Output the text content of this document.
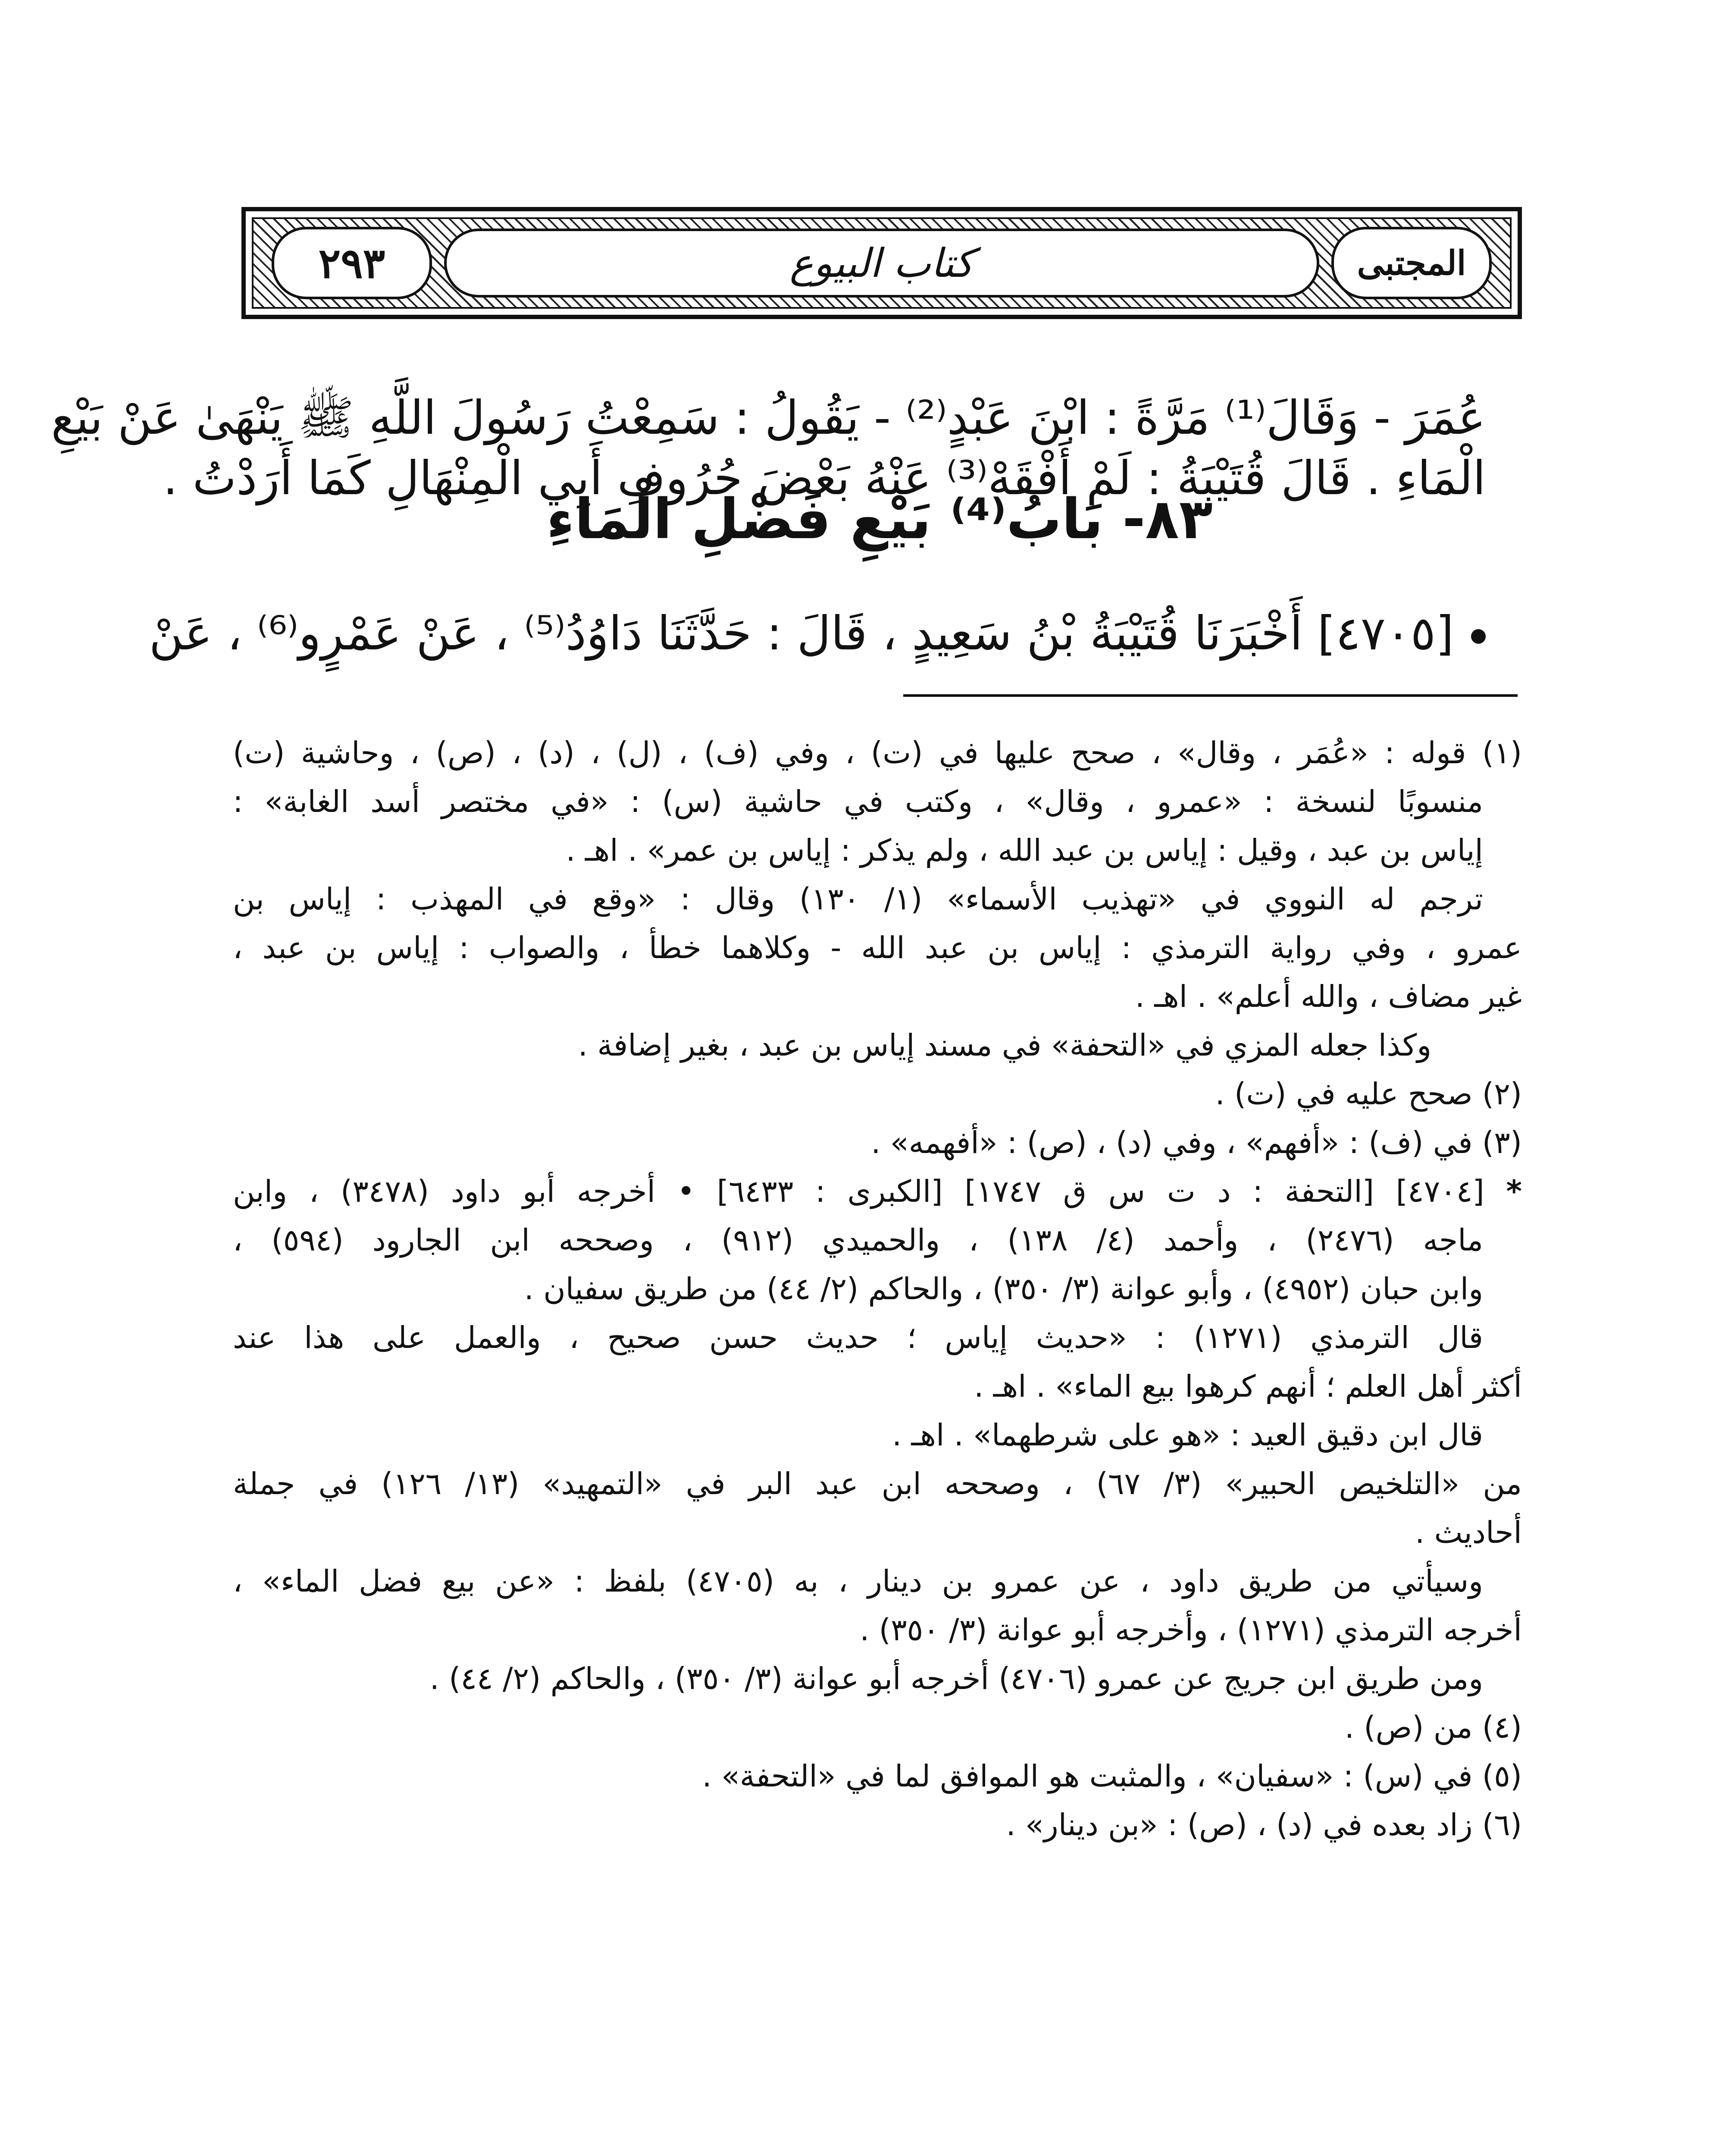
المجتبى
كتاب البيوع
٢٩٣
عُمَرَ - وَقَالَ⁽¹⁾ مَرَّةً : ابْنَ عَبْدٍ⁽²⁾ - يَقُولُ : سَمِعْتُ رَسُولَ اللَّهِ ﷺ يَنْهَىٰ عَنْ بَيْعِ
الْمَاءِ . قَالَ قُتَيْبَةُ : لَمْ أَفْقَهْ⁽³⁾ عَنْهُ بَعْضَ حُرُوفِ أَبِي الْمِنْهَالِ كَمَا أَرَدْتُ .
٨٣- بَابُ⁽⁴⁾ بَيْعِ فَضْلِ الْمَاءِ
[٤٧٠٥] أَخْبَرَنَا قُتَيْبَةُ بْنُ سَعِيدٍ ، قَالَ : حَدَّثَنَا دَاوُدُ⁽⁵⁾ ، عَنْ عَمْرٍو⁽⁶⁾ ، عَنْ
(١) قوله : «عُمَر ، وقال» ، صحح عليها في (ت) ، وفي (ف) ، (ل) ، (د) ، (ص) ، وحاشية (ت)
منسوبًا لنسخة : «عمرو ، وقال» ، وكتب في حاشية (س) : «في مختصر أسد الغابة» :
إياس بن عبد ، وقيل : إياس بن عبد الله ، ولم يذكر : إياس بن عمر» . اهـ .
ترجم له النووي في «تهذيب الأسماء» (١/ ١٣٠) وقال : «وقع في المهذب : إياس بن
عمرو ، وفي رواية الترمذي : إياس بن عبد الله - وكلاهما خطأ ، والصواب : إياس بن عبد ،
غير مضاف ، والله أعلم» . اهـ .
وكذا جعله المزي في «التحفة» في مسند إياس بن عبد ، بغير إضافة .
(٢) صحح عليه في (ت) .
(٣) في (ف) : «أفهم» ، وفي (د) ، (ص) : «أفهمه» .
* [٤٧٠٤] [التحفة : د ت س ق ١٧٤٧] [الكبرى : ٦٤٣٣] • أخرجه أبو داود (٣٤٧٨) ، وابن
ماجه (٢٤٧٦) ، وأحمد (٤/ ١٣٨) ، والحميدي (٩١٢) ، وصححه ابن الجارود (٥٩٤) ،
وابن حبان (٤٩٥٢) ، وأبو عوانة (٣/ ٣٥٠) ، والحاكم (٢/ ٤٤) من طريق سفيان .
قال الترمذي (١٢٧١) : «حديث إياس ؛ حديث حسن صحيح ، والعمل على هذا عند
أكثر أهل العلم ؛ أنهم كرهوا بيع الماء» . اهـ .
قال ابن دقيق العيد : «هو على شرطهما» . اهـ .
من «التلخيص الحبير» (٣/ ٦٧) ، وصححه ابن عبد البر في «التمهيد» (١٣/ ١٢٦) في جملة
أحاديث .
وسيأتي من طريق داود ، عن عمرو بن دينار ، به (٤٧٠٥) بلفظ : «عن بيع فضل الماء» ،
أخرجه الترمذي (١٢٧١) ، وأخرجه أبو عوانة (٣/ ٣٥٠) .
ومن طريق ابن جريج عن عمرو (٤٧٠٦) أخرجه أبو عوانة (٣/ ٣٥٠) ، والحاكم (٢/ ٤٤) .
(٤) من (ص) .
(٥) في (س) : «سفيان» ، والمثبت هو الموافق لما في «التحفة» .
(٦) زاد بعده في (د) ، (ص) : «بن دينار» .
